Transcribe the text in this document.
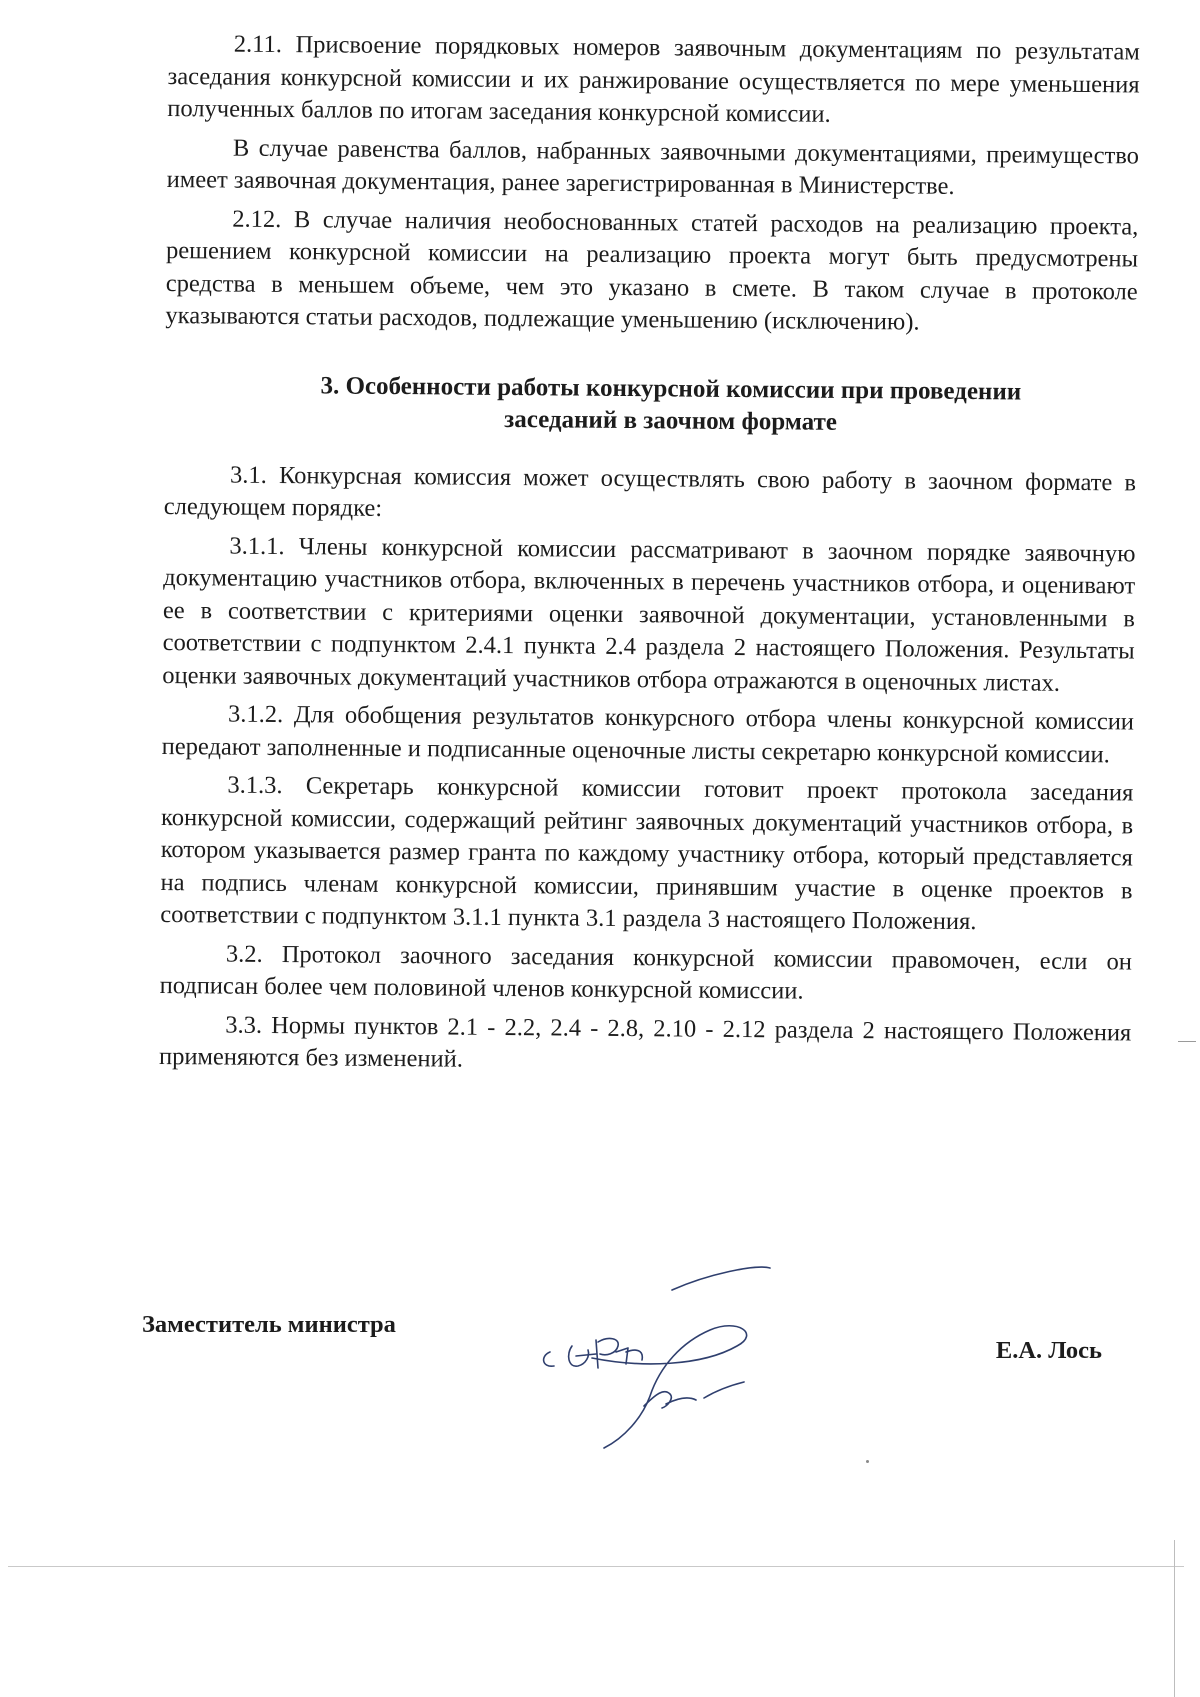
2.11. Присвоение порядковых номеров заявочным документациям по результатам заседания конкурсной комиссии и их ранжирование осуществляется по мере уменьшения полученных баллов по итогам заседания конкурсной комиссии.

В случае равенства баллов, набранных заявочными документациями, преимущество имеет заявочная документация, ранее зарегистрированная в Министерстве.

2.12. В случае наличия необоснованных статей расходов на реализацию проекта, решением конкурсной комиссии на реализацию проекта могут быть предусмотрены средства в меньшем объеме, чем это указано в смете. В таком случае в протоколе указываются статьи расходов, подлежащие уменьшению (исключению).

3. Особенности работы конкурсной комиссии при проведении заседаний в заочном формате

3.1. Конкурсная комиссия может осуществлять свою работу в заочном формате в следующем порядке:

3.1.1. Члены конкурсной комиссии рассматривают в заочном порядке заявочную документацию участников отбора, включенных в перечень участников отбора, и оценивают ее в соответствии с критериями оценки заявочной документации, установленными в соответствии с подпунктом 2.4.1 пункта 2.4 раздела 2 настоящего Положения. Результаты оценки заявочных документаций участников отбора отражаются в оценочных листах.

3.1.2. Для обобщения результатов конкурсного отбора члены конкурсной комиссии передают заполненные и подписанные оценочные листы секретарю конкурсной комиссии.

3.1.3. Секретарь конкурсной комиссии готовит проект протокола заседания конкурсной комиссии, содержащий рейтинг заявочных документаций участников отбора, в котором указывается размер гранта по каждому участнику отбора, который представляется на подпись членам конкурсной комиссии, принявшим участие в оценке проектов в соответствии с подпунктом 3.1.1 пункта 3.1 раздела 3 настоящего Положения.

3.2. Протокол заочного заседания конкурсной комиссии правомочен, если он подписан более чем половиной членов конкурсной комиссии.

3.3. Нормы пунктов 2.1 - 2.2, 2.4 - 2.8, 2.10 - 2.12 раздела 2 настоящего Положения применяются без изменений.

Заместитель министра
Е.А. Лось
